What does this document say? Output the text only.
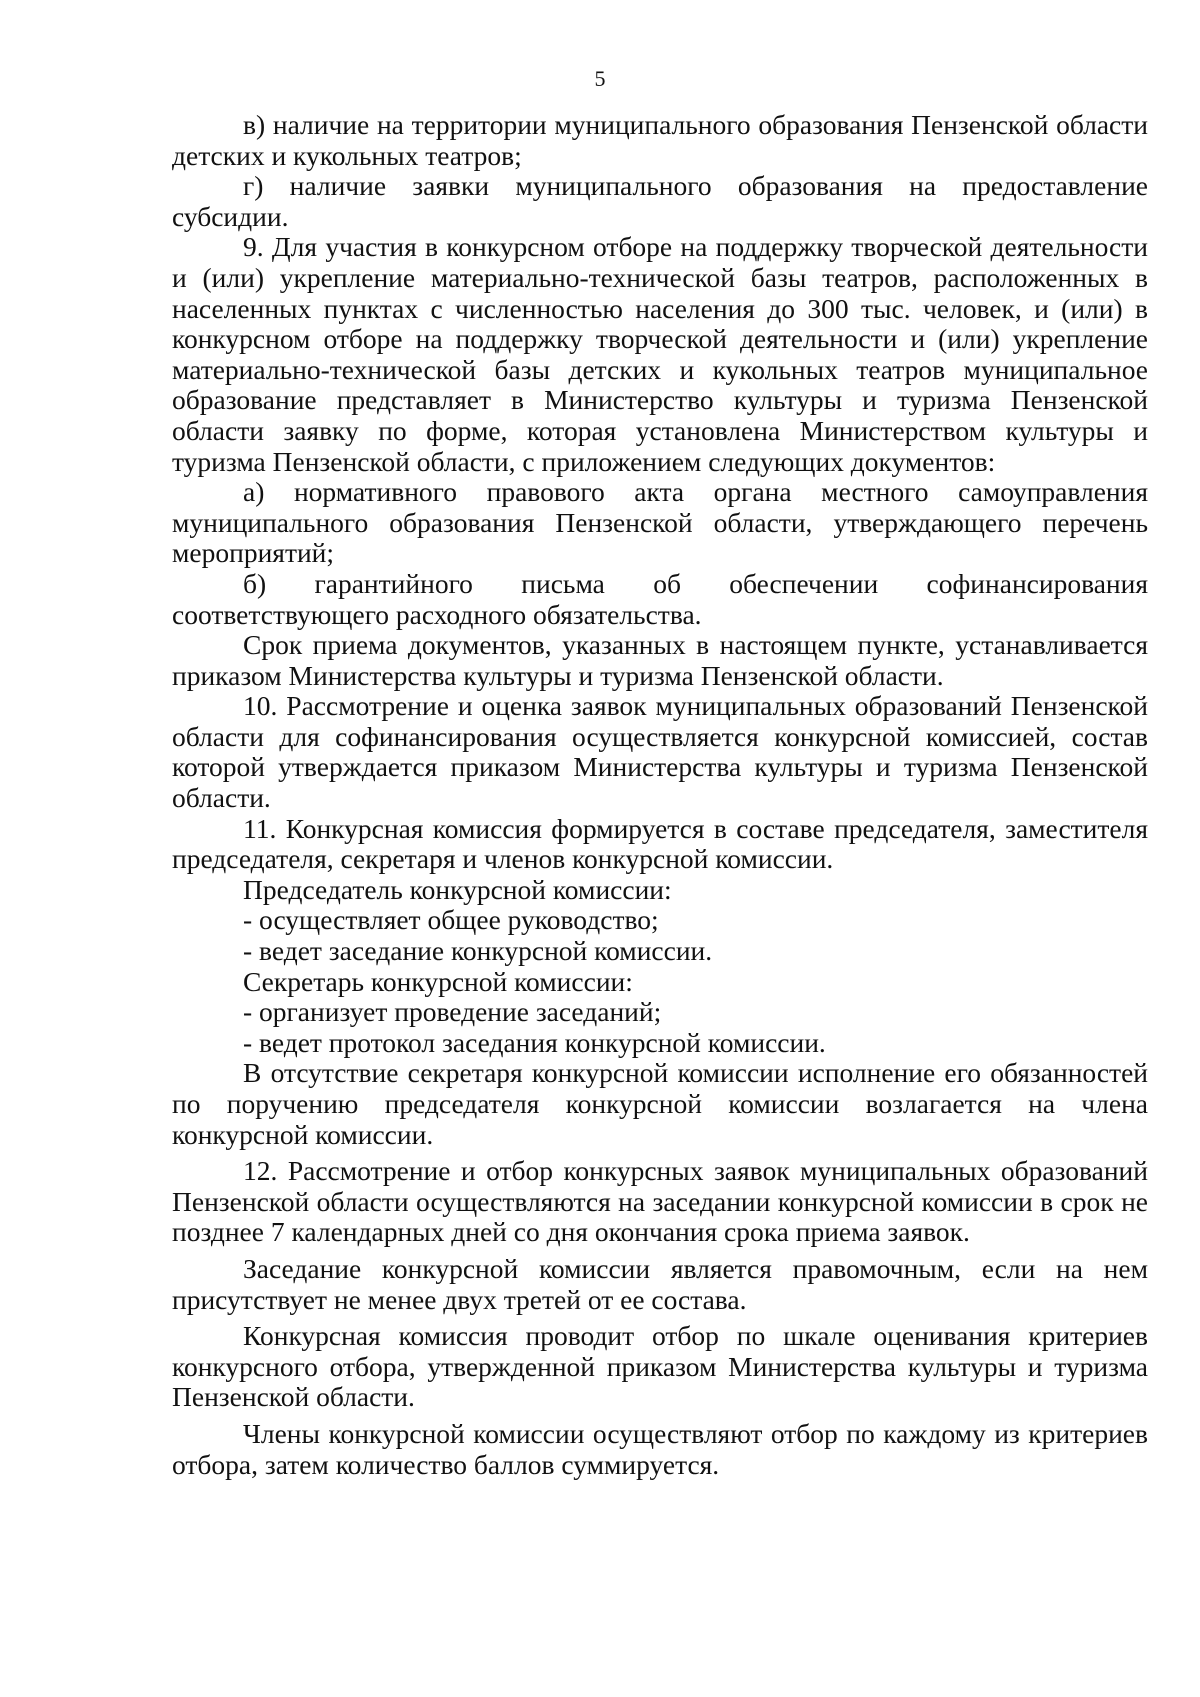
5

в) наличие на территории муниципального образования Пензенской области детских и кукольных театров;

г) наличие заявки муниципального образования на предоставление субсидии.

9. Для участия в конкурсном отборе на поддержку творческой деятельности и (или) укрепление материально-технической базы театров, расположенных в населенных пунктах с численностью населения до 300 тыс. человек, и (или) в конкурсном отборе на поддержку творческой деятельности и (или) укрепление материально-технической базы детских и кукольных театров муниципальное образование представляет в Министерство культуры и туризма Пензенской области заявку по форме, которая установлена Министерством культуры и туризма Пензенской области, с приложением следующих документов:

а) нормативного правового акта органа местного самоуправления муниципального образования Пензенской области, утверждающего перечень мероприятий;

б) гарантийного письма об обеспечении софинансирования соответствующего расходного обязательства.

Срок приема документов, указанных в настоящем пункте, устанавливается приказом Министерства культуры и туризма Пензенской области.

10. Рассмотрение и оценка заявок муниципальных образований Пензенской области для софинансирования осуществляется конкурсной комиссией, состав которой утверждается приказом Министерства культуры и туризма Пензенской области.

11. Конкурсная комиссия формируется в составе председателя, заместителя председателя, секретаря и членов конкурсной комиссии.

Председатель конкурсной комиссии:

- осуществляет общее руководство;

- ведет заседание конкурсной комиссии.

Секретарь конкурсной комиссии:

- организует проведение заседаний;

- ведет протокол заседания конкурсной комиссии.

В отсутствие секретаря конкурсной комиссии исполнение его обязанностей по поручению председателя конкурсной комиссии возлагается на члена конкурсной комиссии.

12. Рассмотрение и отбор конкурсных заявок муниципальных образований Пензенской области осуществляются на заседании конкурсной комиссии в срок не позднее 7 календарных дней со дня окончания срока приема заявок.

Заседание конкурсной комиссии является правомочным, если на нем присутствует не менее двух третей от ее состава.

Конкурсная комиссия проводит отбор по шкале оценивания критериев конкурсного отбора, утвержденной приказом Министерства культуры и туризма Пензенской области.

Члены конкурсной комиссии осуществляют отбор по каждому из критериев отбора, затем количество баллов суммируется.
